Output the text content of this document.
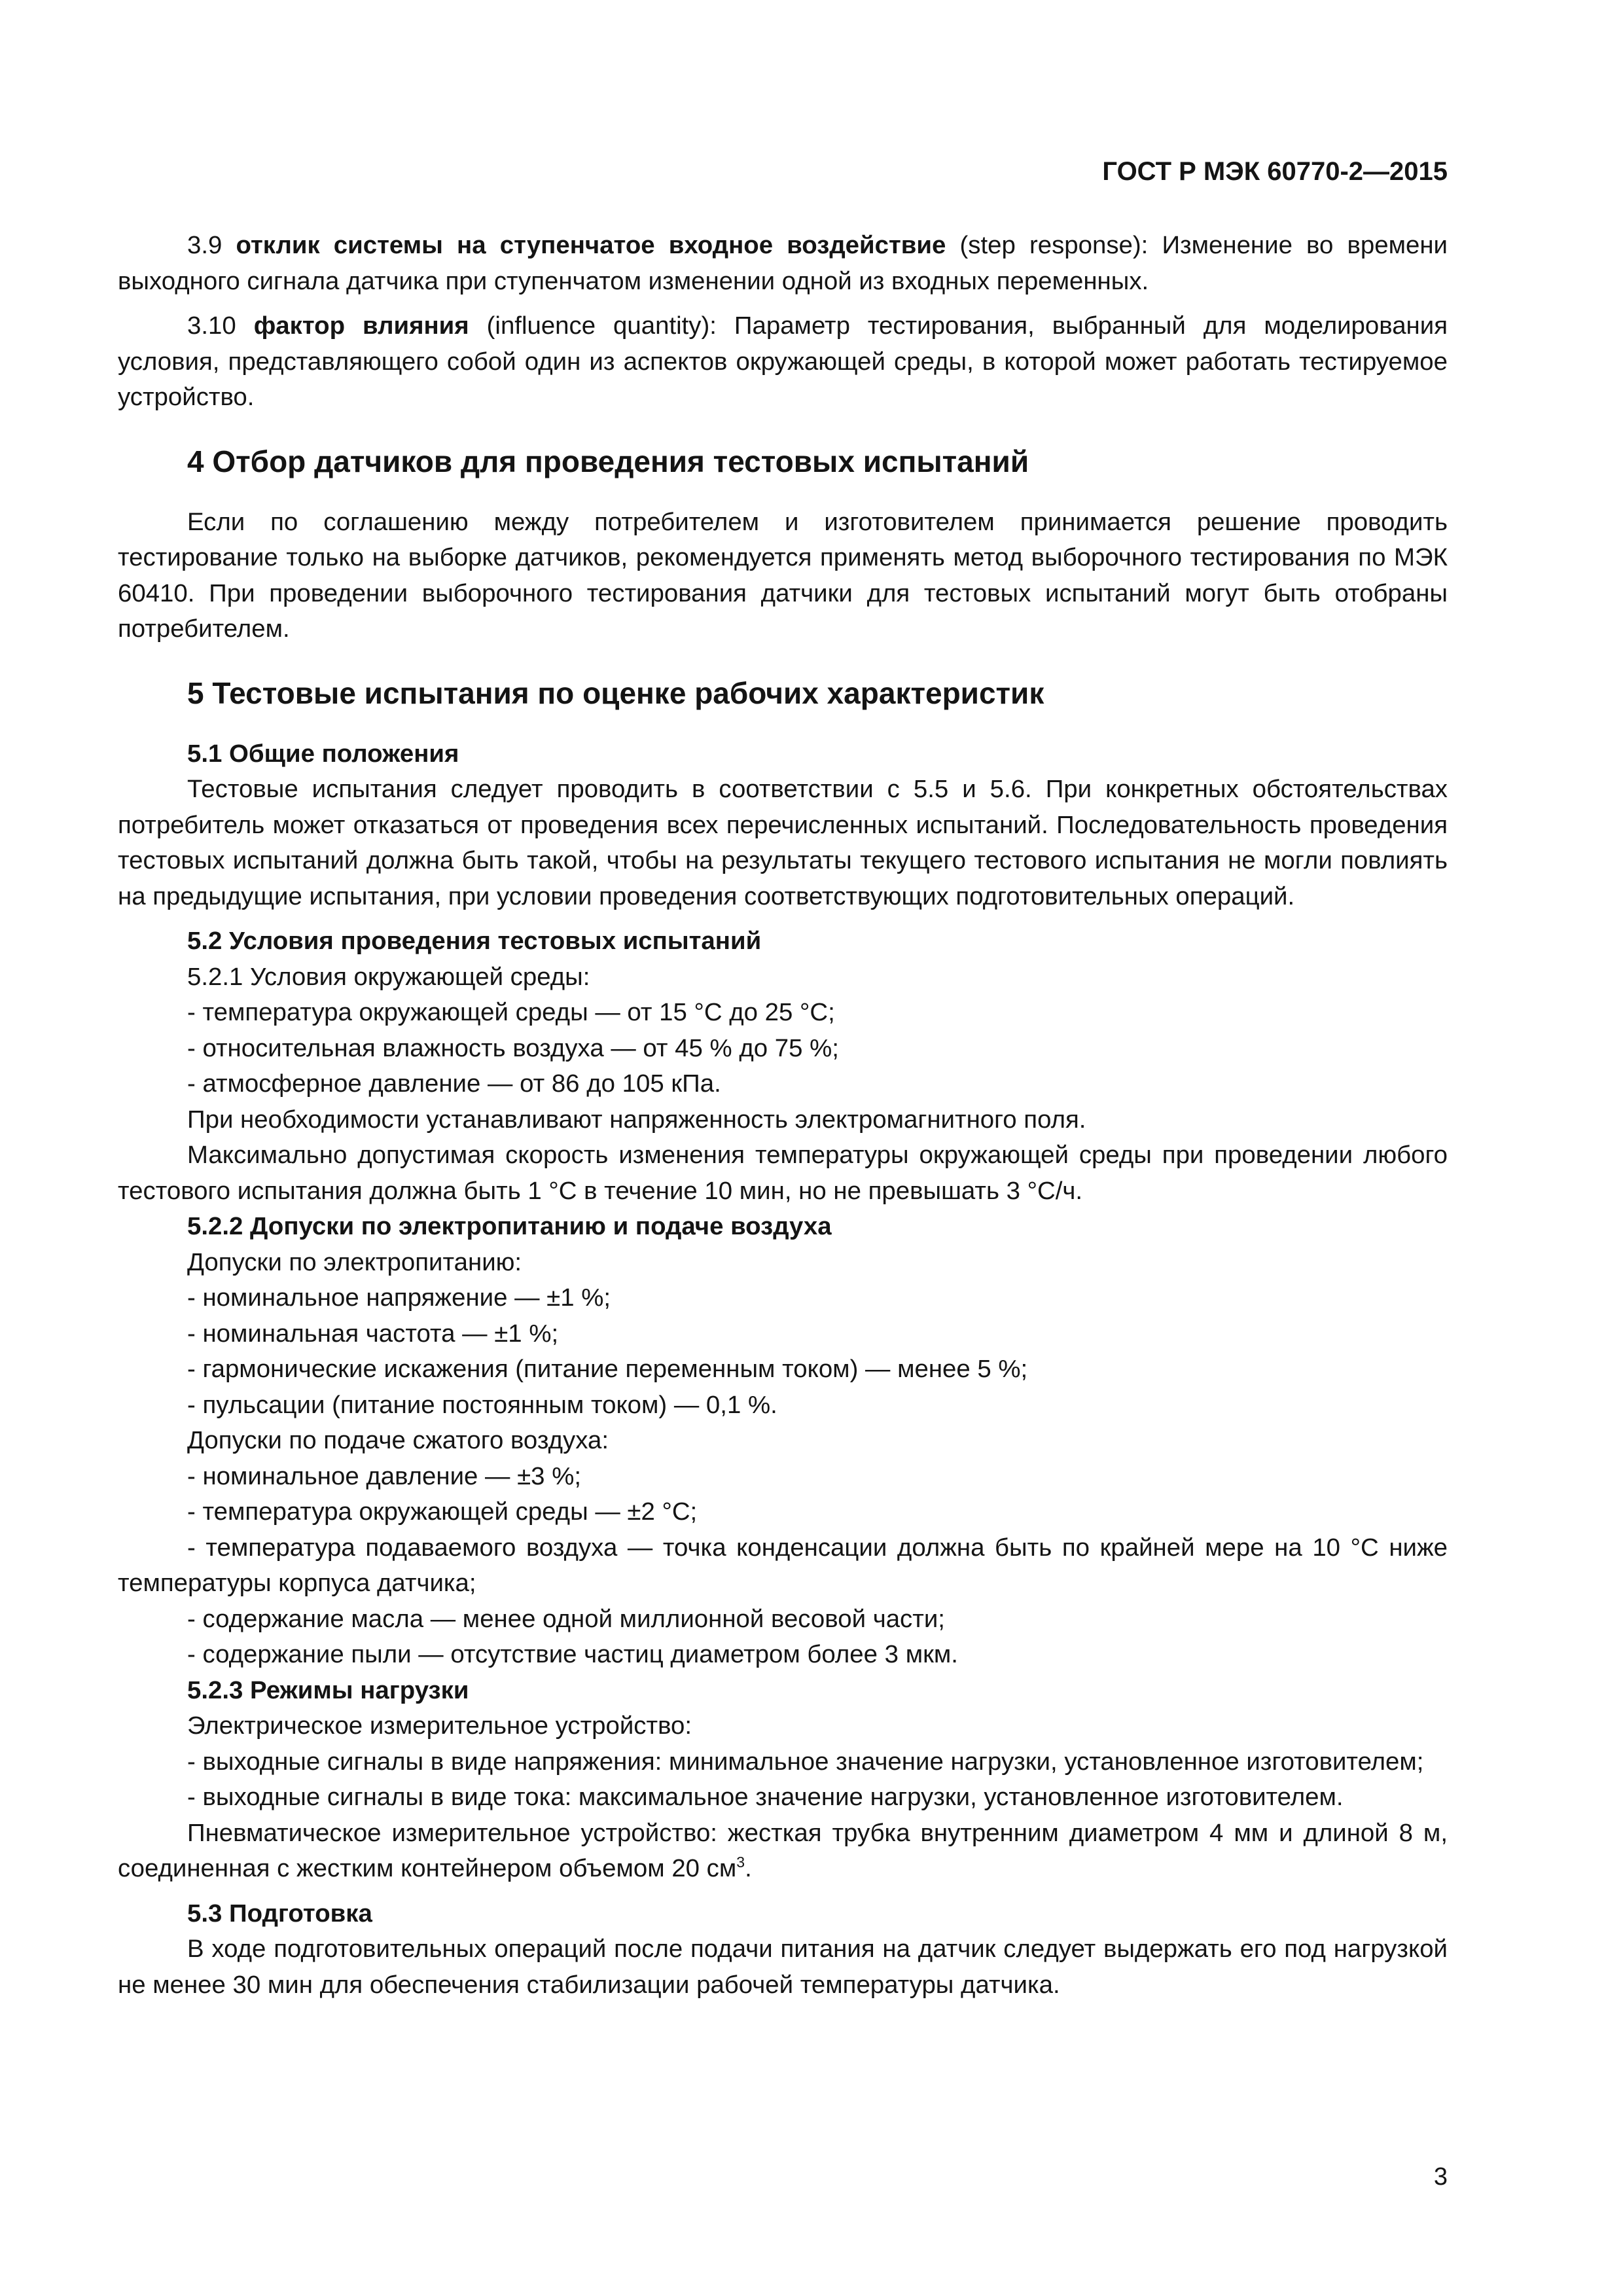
ГОСТ Р МЭК 60770-2—2015

3.9 отклик системы на ступенчатое входное воздействие (step response): Изменение во времени выходного сигнала датчика при ступенчатом изменении одной из входных переменных.

3.10 фактор влияния (influence quantity): Параметр тестирования, выбранный для моделирования условия, представляющего собой один из аспектов окружающей среды, в которой может работать тестируемое устройство.

4 Отбор датчиков для проведения тестовых испытаний

Если по соглашению между потребителем и изготовителем принимается решение проводить тестирование только на выборке датчиков, рекомендуется применять метод выборочного тестирования по МЭК 60410. При проведении выборочного тестирования датчики для тестовых испытаний могут быть отобраны потребителем.

5 Тестовые испытания по оценке рабочих характеристик
5.1 Общие положения

Тестовые испытания следует проводить в соответствии с 5.5 и 5.6. При конкретных обстоятельствах потребитель может отказаться от проведения всех перечисленных испытаний. Последовательность проведения тестовых испытаний должна быть такой, чтобы на результаты текущего тестового испытания не могли повлиять на предыдущие испытания, при условии проведения соответствующих подготовительных операций.

5.2 Условия проведения тестовых испытаний

5.2.1 Условия окружающей среды:

- температура окружающей среды — от 15 °С до 25 °С;

- относительная влажность воздуха — от 45 % до 75 %;

- атмосферное давление — от 86 до 105 кПа.

При необходимости устанавливают напряженность электромагнитного поля.

Максимально допустимая скорость изменения температуры окружающей среды при проведении любого тестового испытания должна быть 1 °С в течение 10 мин, но не превышать 3 °С/ч.

5.2.2 Допуски по электропитанию и подаче воздуха

Допуски по электропитанию:

- номинальное напряжение — ±1 %;

- номинальная частота — ±1 %;

- гармонические искажения (питание переменным током) — менее 5 %;

- пульсации (питание постоянным током) — 0,1 %.

Допуски по подаче сжатого воздуха:

- номинальное давление — ±3 %;

- температура окружающей среды — ±2 °С;

- температура подаваемого воздуха — точка конденсации должна быть по крайней мере на 10 °С ниже температуры корпуса датчика;

- содержание масла — менее одной миллионной весовой части;

- содержание пыли — отсутствие частиц диаметром более 3 мкм.

5.2.3 Режимы нагрузки

Электрическое измерительное устройство:

- выходные сигналы в виде напряжения: минимальное значение нагрузки, установленное изготовителем;

- выходные сигналы в виде тока: максимальное значение нагрузки, установленное изготовителем.

Пневматическое измерительное устройство: жесткая трубка внутренним диаметром 4 мм и длиной 8 м, соединенная с жестким контейнером объемом 20 $см^3$.

5.3 Подготовка

В ходе подготовительных операций после подачи питания на датчик следует выдержать его под нагрузкой не менее 30 мин для обеспечения стабилизации рабочей температуры датчика.

3
